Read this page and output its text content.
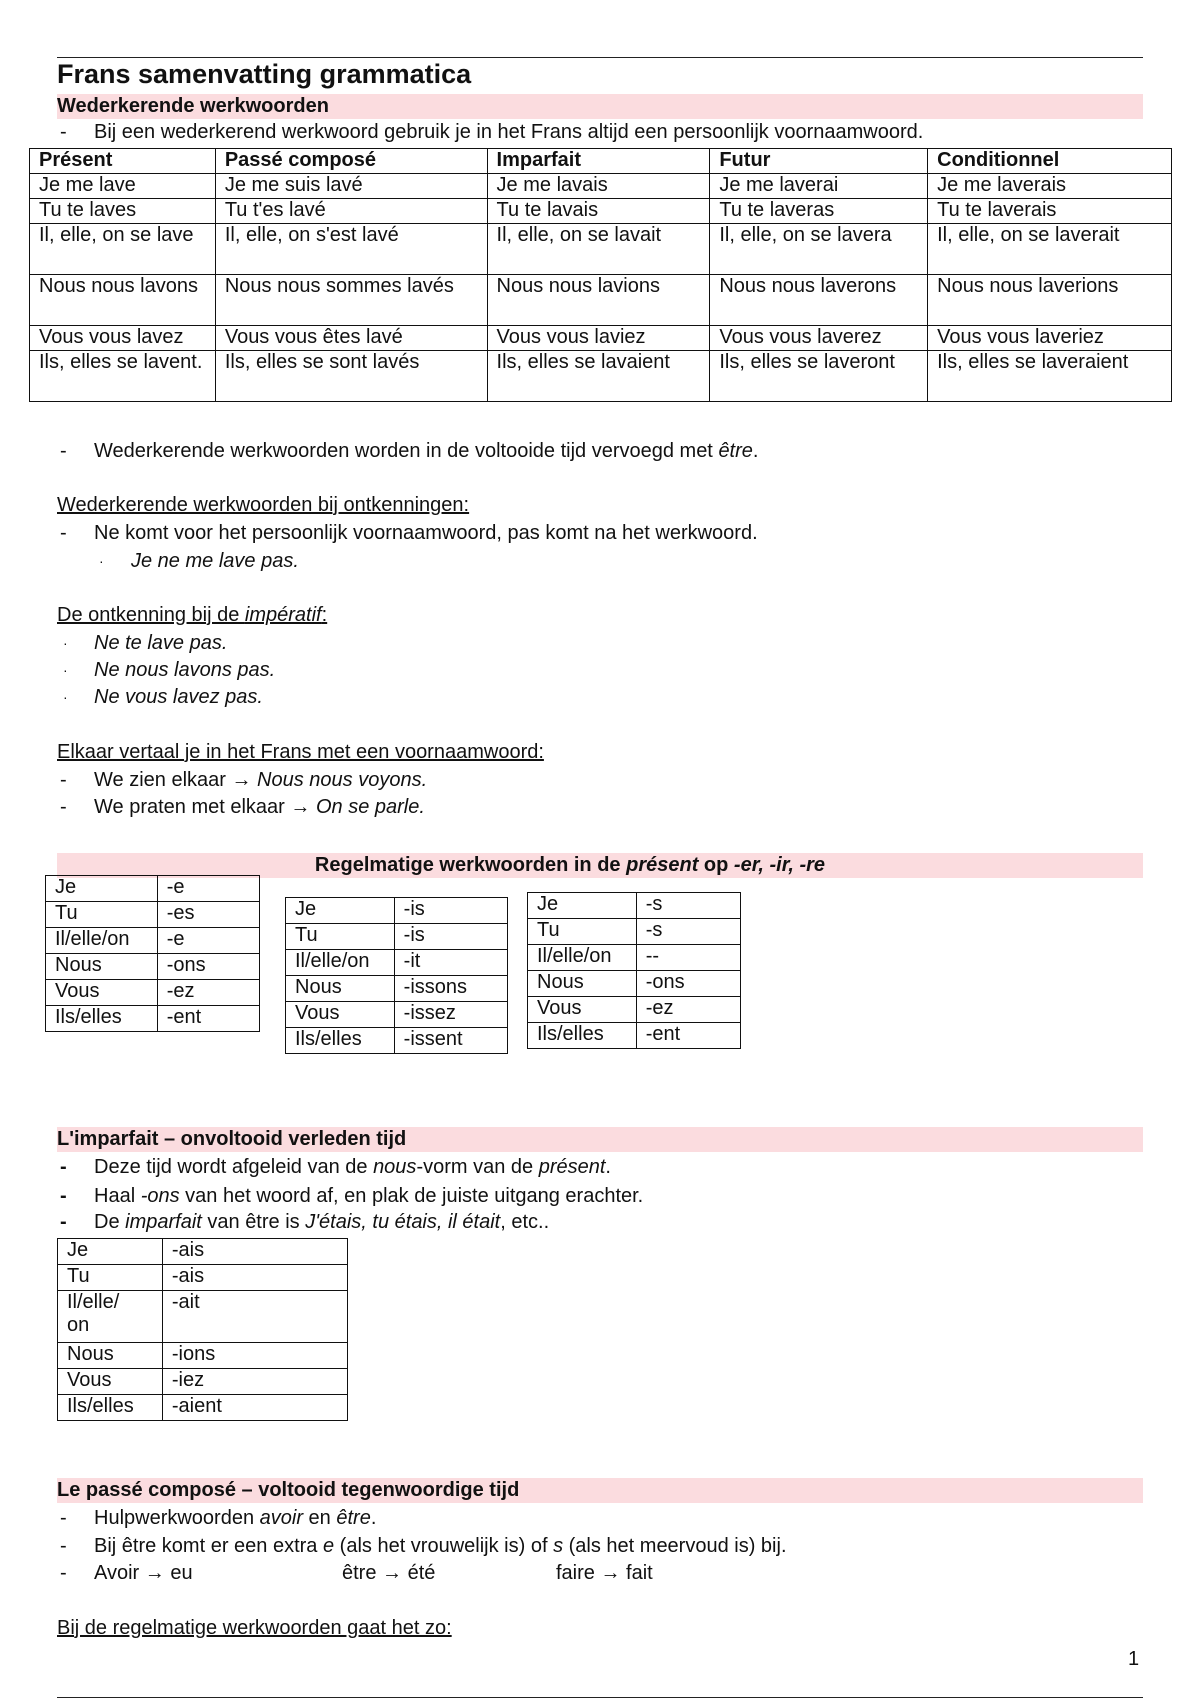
Frans samenvatting grammatica
Wederkerende werkwoorden
- Bij een wederkerend werkwoord gebruik je in het Frans altijd een persoonlijk voornaamwoord.
Présent	Passé composé	Imparfait	Futur	Conditionnel
Je me lave	Je me suis lavé	Je me lavais	Je me laverai	Je me laverais
Tu te laves	Tu t'es lavé	Tu te lavais	Tu te laveras	Tu te laverais
Il, elle, on se lave	Il, elle, on s'est lavé	Il, elle, on se lavait	Il, elle, on se lavera	Il, elle, on se laverait
Nous nous lavons	Nous nous sommes lavés	Nous nous lavions	Nous nous laverons	Nous nous laverions
Vous vous lavez	Vous vous êtes lavé	Vous vous laviez	Vous vous laverez	Vous vous laveriez
Ils, elles se lavent.	Ils, elles se sont lavés	Ils, elles se lavaient	Ils, elles se laveront	Ils, elles se laveraient
- Wederkerende werkwoorden worden in de voltooide tijd vervoegd met être.
Wederkerende werkwoorden bij ontkenningen:
- Ne komt voor het persoonlijk voornaamwoord, pas komt na het werkwoord.
· Je ne me lave pas.
De ontkenning bij de impératif:
· Ne te lave pas.
· Ne nous lavons pas.
· Ne vous lavez pas.
Elkaar vertaal je in het Frans met een voornaamwoord:
- We zien elkaar → Nous nous voyons.
- We praten met elkaar → On se parle.
Regelmatige werkwoorden in de présent op -er, -ir, -re
Je	-e
Tu	-es
Il/elle/on	-e
Nous	-ons
Vous	-ez
Ils/elles	-ent
Je	-is
Tu	-is
Il/elle/on	-it
Nous	-issons
Vous	-issez
Ils/elles	-issent
Je	-s
Tu	-s
Il/elle/on	--
Nous	-ons
Vous	-ez
Ils/elles	-ent
L'imparfait – onvoltooid verleden tijd
- Deze tijd wordt afgeleid van de nous-vorm van de présent.
- Haal -ons van het woord af, en plak de juiste uitgang erachter.
- De imparfait van être is J'étais, tu étais, il était, etc..
Je	-ais
Tu	-ais
Il/elle/ on	-ait
Nous	-ions
Vous	-iez
Ils/elles	-aient
Le passé composé – voltooid tegenwoordige tijd
- Hulpwerkwoorden avoir en être.
- Bij être komt er een extra e (als het vrouwelijk is) of s (als het meervoud is) bij.
- Avoir → eu	être → été	faire → fait
Bij de regelmatige werkwoorden gaat het zo:
1
